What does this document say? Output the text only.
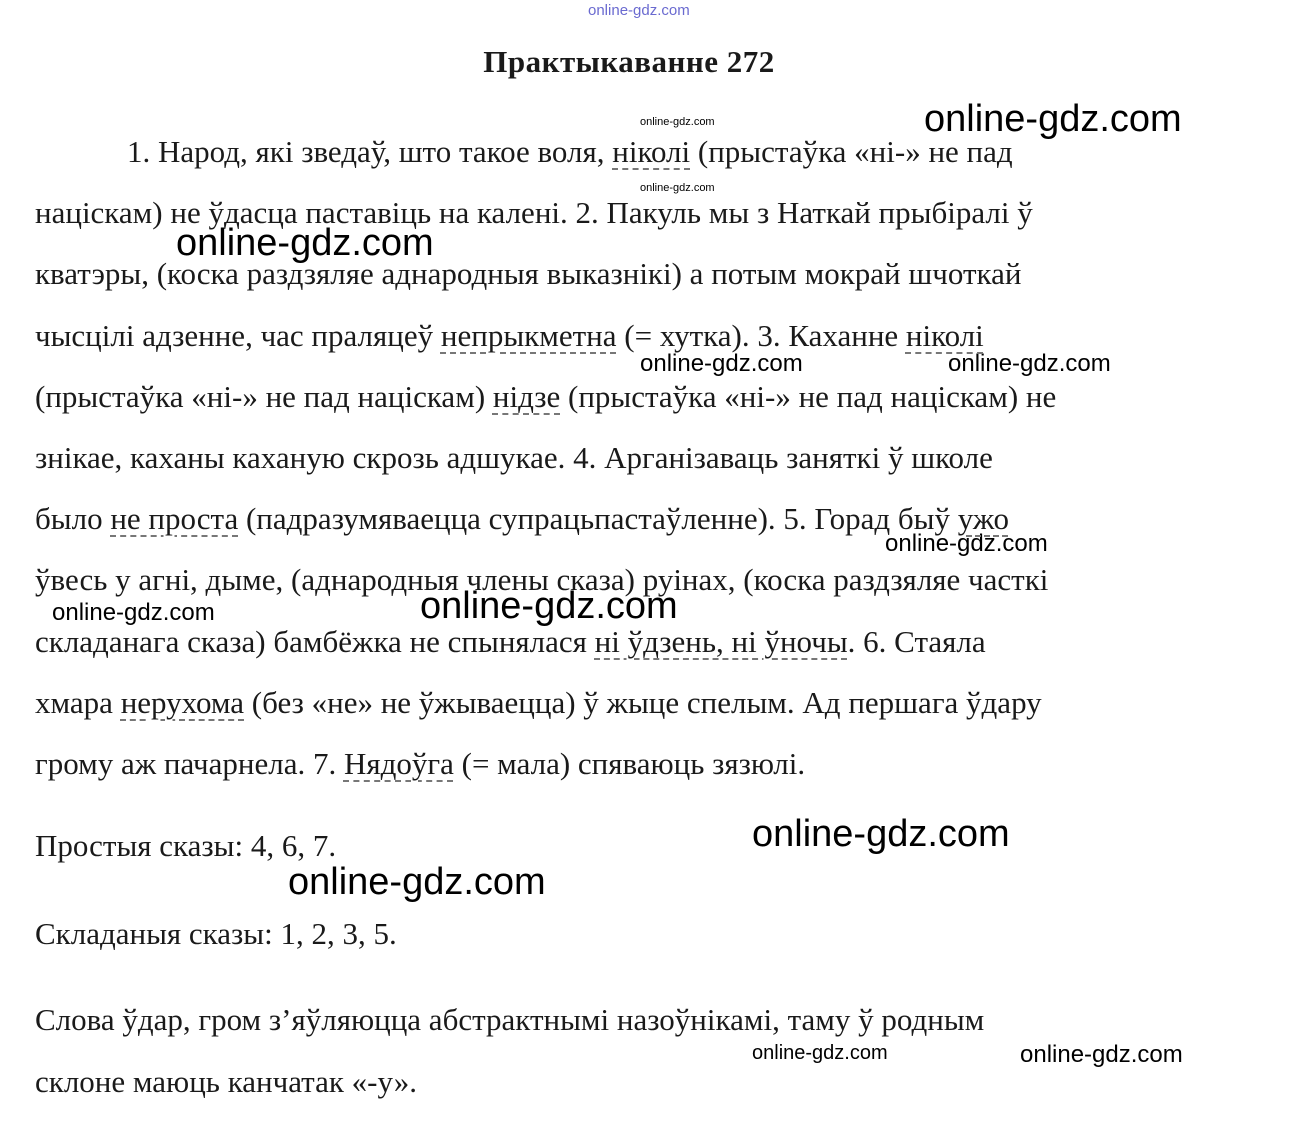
online-gdz.com
online-gdz.com
online-gdz.com
online-gdz.com
online-gdz.com
online-gdz.com	online-gdz.com
online-gdz.com
online-gdz.com
online-gdz.com
online-gdz.com
online-gdz.com
online-gdz.com
online-gdz.com
Практыкаванне 272
1. Народ, які зведаў, што такое воля, ніколі (прыстаўка «ні-» не пад
націскам) не ўдасца паставіць на калені. 2. Пакуль мы з Наткай прыбіралі ў
кватэры, (коска раздзяляе аднародныя выказнікі) а потым мокрай шчоткай
чысцілі адзенне, час праляцеў непрыкметна (= хутка). 3. Каханне ніколі
(прыстаўка «ні-» не пад націскам) нідзе (прыстаўка «ні-» не пад націскам) не
знікае, каханы каханую скрозь адшукае. 4. Арганізаваць заняткі ў школе
было не проста (падразумяваецца супрацьпастаўленне). 5. Горад быў ужо
ўвесь у агні, дыме, (аднародныя члены сказа) руінах, (коска раздзяляе часткі
складанага сказа) бамбёжка не спынялася ні ўдзень, ні ўночы. 6. Стаяла
хмара нерухома (без «не» не ўжываецца) ў жыце спелым. Ад першага ўдару
грому аж пачарнела. 7. Нядоўга (= мала) спяваюць зязюлі.
Простыя сказы: 4, 6, 7.
Складаныя сказы: 1, 2, 3, 5.
Слова ўдар, гром з’яўляюцца абстрактнымі назоўнікамі, таму ў родным
склоне маюць канчатак «-у».
